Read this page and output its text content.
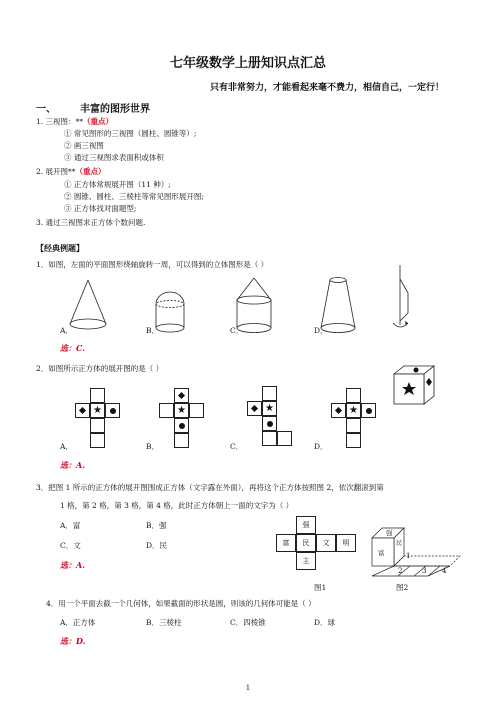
七年级数学上册知识点汇总
只有非常努力，才能看起来毫不费力，相信自己，一定行！
一、 丰富的图形世界
1. 三视图：**（重点）
① 常见图形的三视图（圆柱、圆锥等）;
② 画三视图
③ 通过三视图求表面积或体积
2. 展开图**（重点）
① 正方体常规展开图（11 种）;
② 圆锥、圆柱、三棱柱等常见图形展开图;
③ 正方体找对面题型;
3. 通过三视图求正方体个数问题.
【经典例题】
1．如图，左面的平面图形绕轴旋转一周，可以得到的立体图形是（ ）
A．	B．	C．	D．
选：C.
2．如图所示正方体的展开图的是（ ）
★	★	★	★
A．	B．	C．	D．
选：A.
3．把图 1 所示的正方体的展开图围成正方体（文字露在外面），再将这个正方体按照图 2，依次翻滚到第
1 格，第 2 格，第 3 格，第 4 格，此时正方体朝上一面的文字为（ ）
A．富	B．强
C．文	D．民
选：A.
强
富	民	文	明
主
图1
强
富
民
1
2	3 4
图2
4．用一个平面去截一个几何体，如果截面的形状是圆，则该的几何体可能是（ ）
A．正方体	B．三棱柱	C．四棱锥	D．球
选：D.
1
